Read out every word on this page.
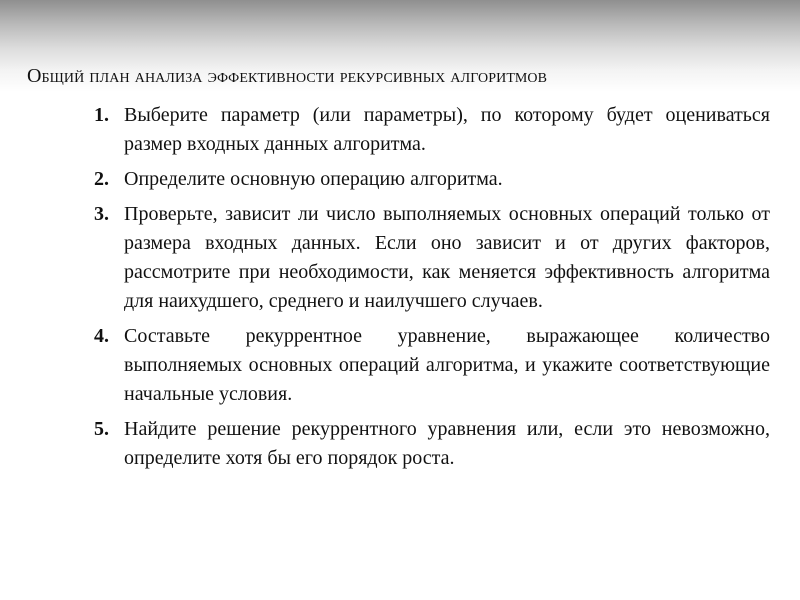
Общий план анализа эффективности рекурсивных алгоритмов
1. Выберите параметр (или параметры), по которому будет оцениваться размер входных данных алгоритма.
2. Определите основную операцию алгоритма.
3. Проверьте, зависит ли число выполняемых основных операций только от размера входных данных. Если оно зависит и от других факторов, рассмотрите при необходимости, как меняется эффективность алгоритма для наихудшего, среднего и наилучшего случаев.
4. Составьте рекуррентное уравнение, выражающее количество выполняемых основных операций алгоритма, и укажите соответствующие начальные условия.
5. Найдите решение рекуррентного уравнения или, если это невозможно, определите хотя бы его порядок роста.
